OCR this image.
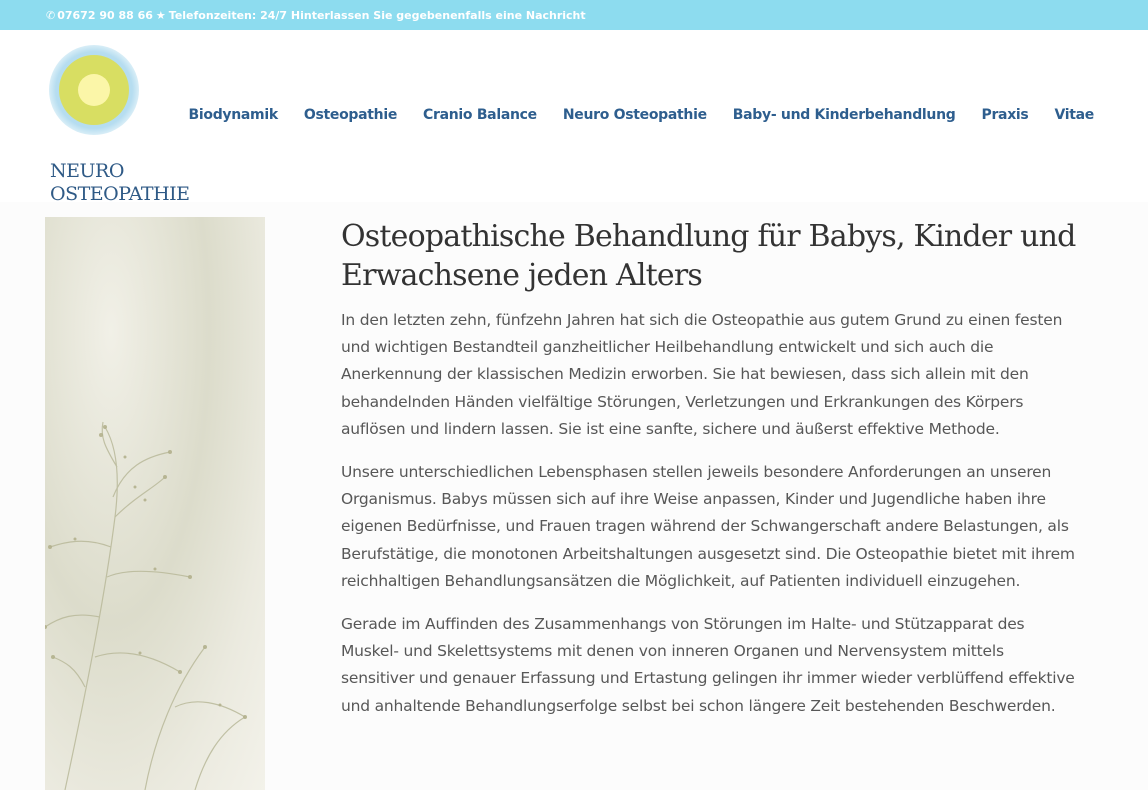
✆ 07672 90 88 66 ★ Telefonzeiten: 24/7 Hinterlassen Sie gegebenenfalls eine Nachricht
NEURO
OSTEOPATHIE
Biodynamik Osteopathie Cranio Balance Neuro Osteopathie Baby- und Kinderbehandlung Praxis Vitae
Osteopathische Behandlung für Babys, Kinder und Erwachsene jeden Alters

In den letzten zehn, fünfzehn Jahren hat sich die Osteopathie aus gutem Grund zu einen festen und wichtigen Bestandteil ganzheitlicher Heilbehandlung entwickelt und sich auch die Anerkennung der klassischen Medizin erworben. Sie hat bewiesen, dass sich allein mit den behandelnden Händen vielfältige Störungen, Verletzungen und Erkrankungen des Körpers auflösen und lindern lassen. Sie ist eine sanfte, sichere und äußerst effektive Methode.

Unsere unterschiedlichen Lebensphasen stellen jeweils besondere Anforderungen an unseren Organismus. Babys müssen sich auf ihre Weise anpassen, Kinder und Jugendliche haben ihre eigenen Bedürfnisse, und Frauen tragen während der Schwangerschaft andere Belastungen, als Berufstätige, die monotonen Arbeitshaltungen ausgesetzt sind. Die Osteopathie bietet mit ihrem reichhaltigen Behandlungsansätzen die Möglichkeit, auf Patienten individuell einzugehen.

Gerade im Auffinden des Zusammenhangs von Störungen im Halte- und Stützapparat des Muskel- und Skelettsystems mit denen von inneren Organen und Nervensystem mittels sensitiver und genauer Erfassung und Ertastung gelingen ihr immer wieder verblüffend effektive und anhaltende Behandlungserfolge selbst bei schon längere Zeit bestehenden Beschwerden.
